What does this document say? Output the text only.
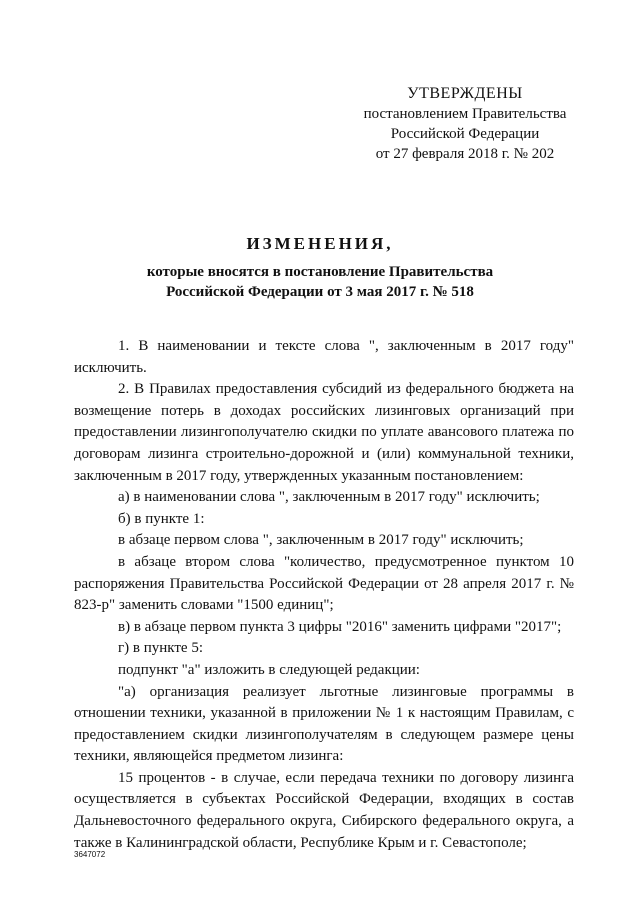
УТВЕРЖДЕНЫ
постановлением Правительства
Российской Федерации
от 27 февраля 2018 г. № 202
ИЗМЕНЕНИЯ,
которые вносятся в постановление Правительства
Российской Федерации от 3 мая 2017 г. № 518

1. В наименовании и тексте слова ", заключенным в 2017 году" исключить.

2. В Правилах предоставления субсидий из федерального бюджета на возмещение потерь в доходах российских лизинговых организаций при предоставлении лизингополучателю скидки по уплате авансового платежа по договорам лизинга строительно-дорожной и (или) коммунальной техники, заключенным в 2017 году, утвержденных указанным постановлением:

а) в наименовании слова ", заключенным в 2017 году" исключить;

б) в пункте 1:

в абзаце первом слова ", заключенным в 2017 году" исключить;

в абзаце втором слова "количество, предусмотренное пунктом 10 распоряжения Правительства Российской Федерации от 28 апреля 2017 г. № 823-р" заменить словами "1500 единиц";

в) в абзаце первом пункта 3 цифры "2016" заменить цифрами "2017";

г) в пункте 5:

подпункт "а" изложить в следующей редакции:

"а) организация реализует льготные лизинговые программы в отношении техники, указанной в приложении № 1 к настоящим Правилам, с предоставлением скидки лизингополучателям в следующем размере цены техники, являющейся предметом лизинга:

15 процентов - в случае, если передача техники по договору лизинга осуществляется в субъектах Российской Федерации, входящих в состав Дальневосточного федерального округа, Сибирского федерального округа, а также в Калининградской области, Республике Крым и г. Севастополе;

3647072
